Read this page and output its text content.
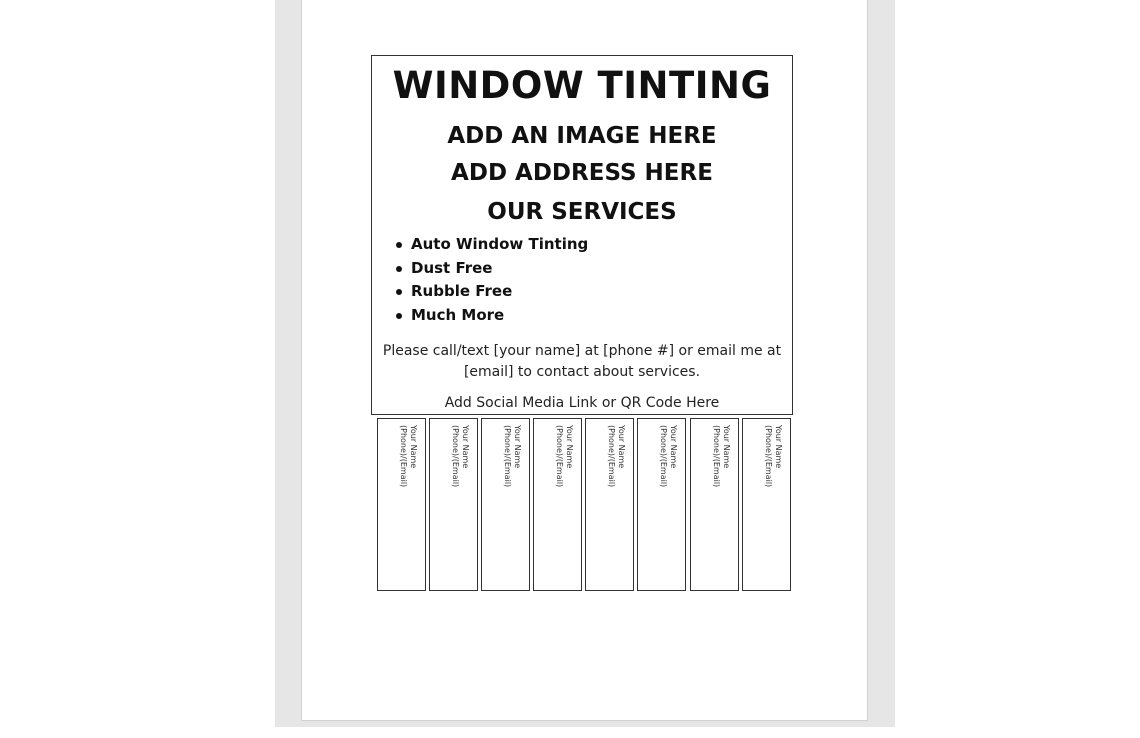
WINDOW TINTING
ADD AN IMAGE HERE
ADD ADDRESS HERE
OUR SERVICES
Auto Window Tinting
Dust Free
Rubble Free
Much More
Please call/text [your name] at [phone #] or email me at
[email] to contact about services.
Add Social Media Link or QR Code Here
Your Name
(Phone)/(Email)	Your Name
(Phone)/(Email)	Your Name
(Phone)/(Email)	Your Name
(Phone)/(Email)	Your Name
(Phone)/(Email)	Your Name
(Phone)/(Email)	Your Name
(Phone)/(Email)	Your Name
(Phone)/(Email)
